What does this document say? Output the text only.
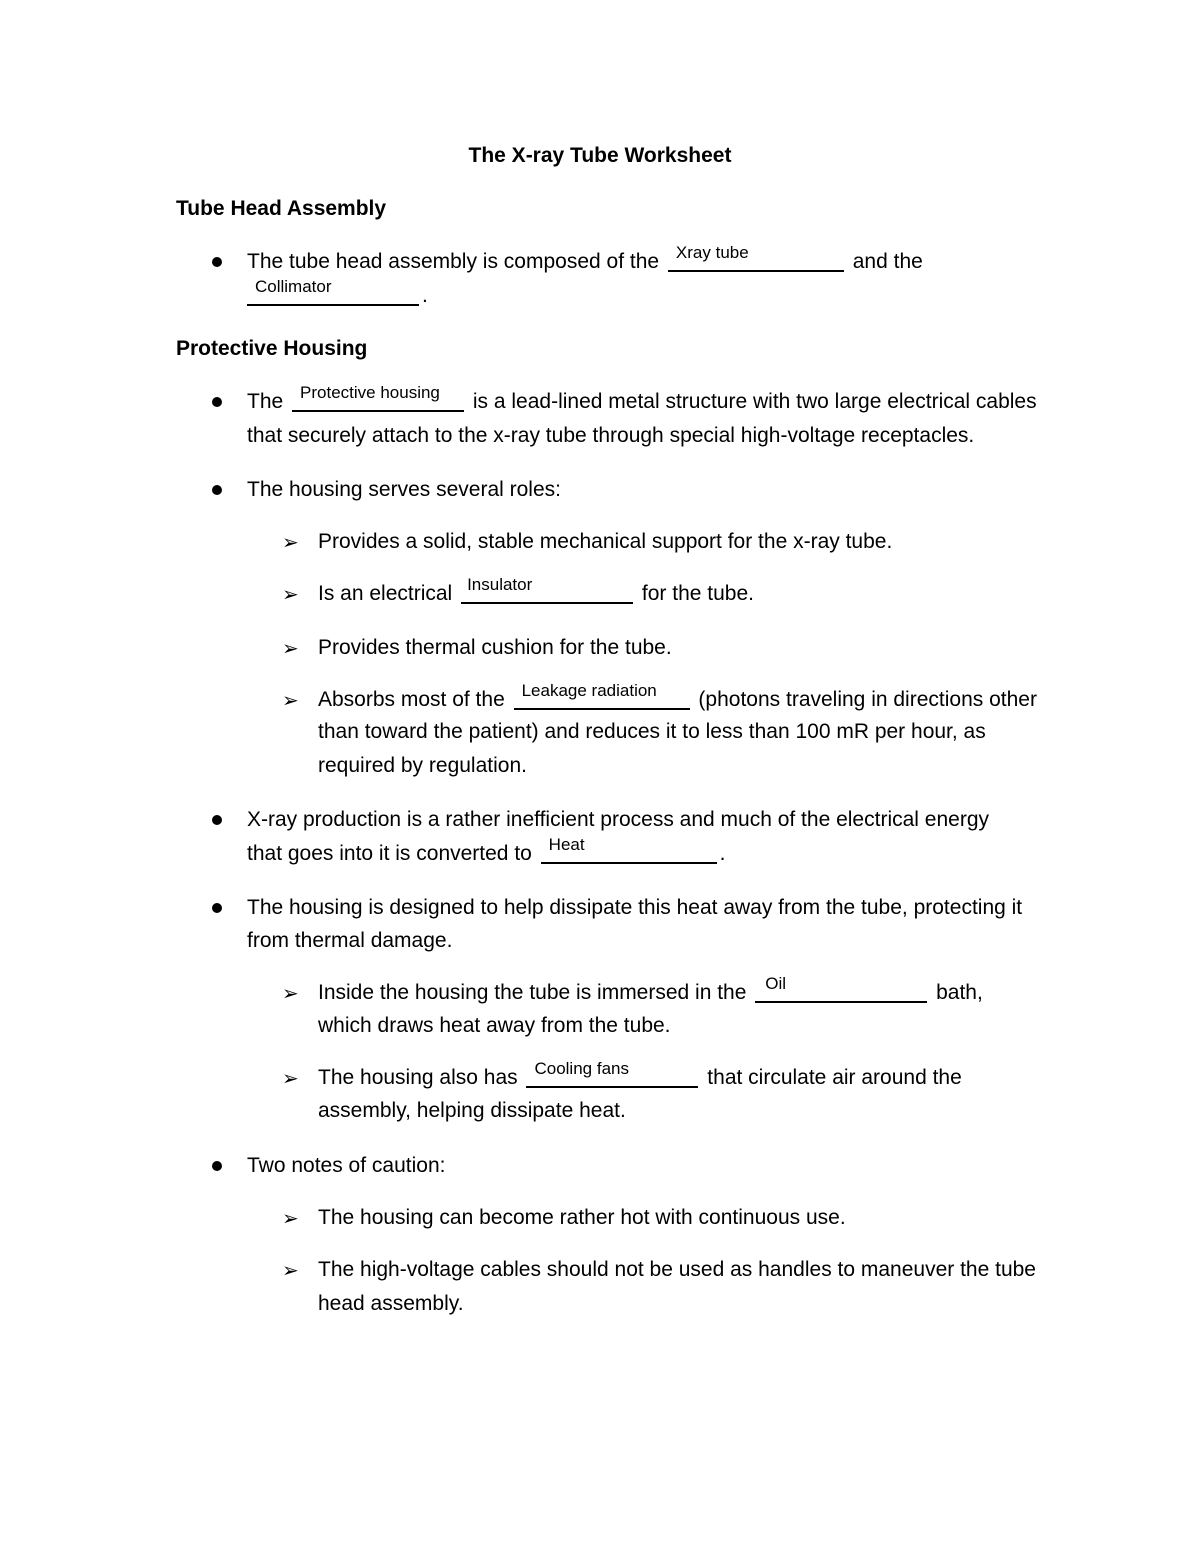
The X-ray Tube Worksheet
Tube Head Assembly
The tube head assembly is composed of the Xray tube	and the
Collimator	.
Protective Housing
The Protective housing is a lead-lined metal structure with two large electrical cables
that securely attach to the x-ray tube through special high-voltage receptacles.
The housing serves several roles:
➢ Provides a solid, stable mechanical support for the x-ray tube.
➢ Is an electrical Insulator	for the tube.
➢ Provides thermal cushion for the tube.
➢ Absorbs most of the Leakage radiation (photons traveling in directions other
than toward the patient) and reduces it to less than 100 mR per hour, as
required by regulation.
X-ray production is a rather inefficient process and much of the electrical energy
that goes into it is converted to Heat	.
The housing is designed to help dissipate this heat away from the tube, protecting it
from thermal damage.
➢ Inside the housing the tube is immersed in the Oil	bath,
which draws heat away from the tube.
➢ The housing also has Cooling fans	that circulate air around the
assembly, helping dissipate heat.
Two notes of caution:
➢ The housing can become rather hot with continuous use.
➢ The high-voltage cables should not be used as handles to maneuver the tube
head assembly.
